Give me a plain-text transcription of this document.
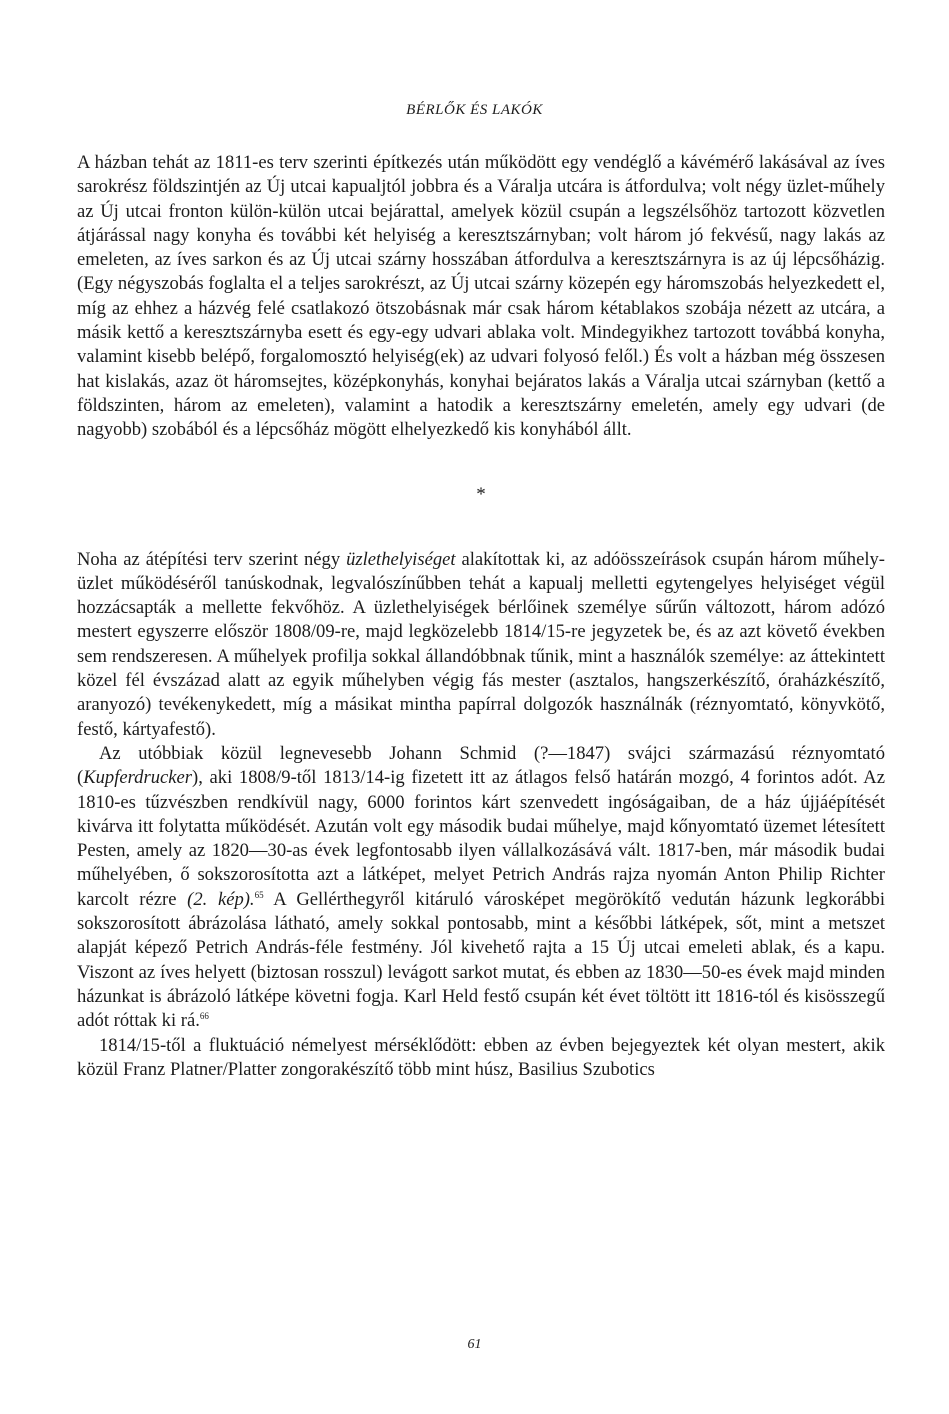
BÉRLŐK ÉS LAKÓK

A házban tehát az 1811-es terv szerinti építkezés után működött egy vendéglő a kávémérő lakásával az íves sarokrész földszintjén az Új utcai kapualjtól jobbra és a Váralja utcára is átfordulva; volt négy üzlet-műhely az Új utcai fronton külön-külön utcai bejárattal, amelyek közül csupán a legszélsőhöz tartozott közvetlen átjárással nagy konyha és további két helyiség a keresztszárnyban; volt három jó fekvésű, nagy lakás az emeleten, az íves sarkon és az Új utcai szárny hosszában átfordulva a keresztszárnyra is az új lépcsőházig. (Egy négyszobás foglalta el a teljes sarokrészt, az Új utcai szárny közepén egy háromszobás helyezkedett el, míg az ehhez a házvég felé csatlakozó ötszobásnak már csak három kétablakos szobája nézett az utcára, a másik kettő a keresztszárnyba esett és egy-egy udvari ablaka volt. Mindegyikhez tartozott továbbá konyha, valamint kisebb belépő, forgalomosztó helyiség(ek) az udvari folyosó felől.) És volt a házban még összesen hat kislakás, azaz öt háromsejtes, középkonyhás, konyhai bejáratos lakás a Váralja utcai szárnyban (kettő a földszinten, három az emeleten), valamint a hatodik a keresztszárny emeletén, amely egy udvari (de nagyobb) szobából és a lépcsőház mögött elhelyezkedő kis konyhából állt.

*

Noha az átépítési terv szerint négy üzlethelyiséget alakítottak ki, az adóösszeírások csupán három műhely-üzlet működéséről tanúskodnak, legvalószínűbben tehát a kapualj melletti egytengelyes helyiséget végül hozzácsapták a mellette fekvőhöz. A üzlethelyiségek bérlőinek személye sűrűn változott, három adózó mestert egyszerre először 1808/09-re, majd legközelebb 1814/15-re jegyzetek be, és az azt követő években sem rendszeresen. A műhelyek profilja sokkal állandóbbnak tűnik, mint a használók személye: az áttekintett közel fél évszázad alatt az egyik műhelyben végig fás mester (asztalos, hangszerkészítő, óraházkészítő, aranyozó) tevékenykedett, míg a másikat mintha papírral dolgozók használnák (réznyomtató, könyvkötő, festő, kártyafestő).

Az utóbbiak közül legnevesebb Johann Schmid (?—1847) svájci származású réznyomtató (Kupferdrucker), aki 1808/9-től 1813/14-ig fizetett itt az átlagos felső határán mozgó, 4 forintos adót. Az 1810-es tűzvészben rendkívül nagy, 6000 forintos kárt szenvedett ingóságaiban, de a ház újjáépítését kivárva itt folytatta működését. Azután volt egy második budai műhelye, majd kőnyomtató üzemet létesített Pesten, amely az 1820—30-as évek legfontosabb ilyen vállalkozásává vált. 1817-ben, már második budai műhelyében, ő sokszorosította azt a látképet, melyet Petrich András rajza nyomán Anton Philip Richter karcolt rézre (2. kép).$^{65}$ A Gellérthegyről kitáruló városképet megörökítő vedután házunk legkorábbi sokszorosított ábrázolása látható, amely sokkal pontosabb, mint a későbbi látképek, sőt, mint a metszet alapját képező Petrich András-féle festmény. Jól kivehető rajta a 15 Új utcai emeleti ablak, és a kapu. Viszont az íves helyett (biztosan rosszul) levágott sarkot mutat, és ebben az 1830—50-es évek majd minden házunkat is ábrázoló látképe követni fogja. Karl Held festő csupán két évet töltött itt 1816-tól és kisösszegű adót róttak ki rá.$^{66}$

1814/15-től a fluktuáció némelyest mérséklődött: ebben az évben bejegyeztek két olyan mestert, akik közül Franz Platner/Platter zongorakészítő több mint húsz, Basilius Szubotics

61
